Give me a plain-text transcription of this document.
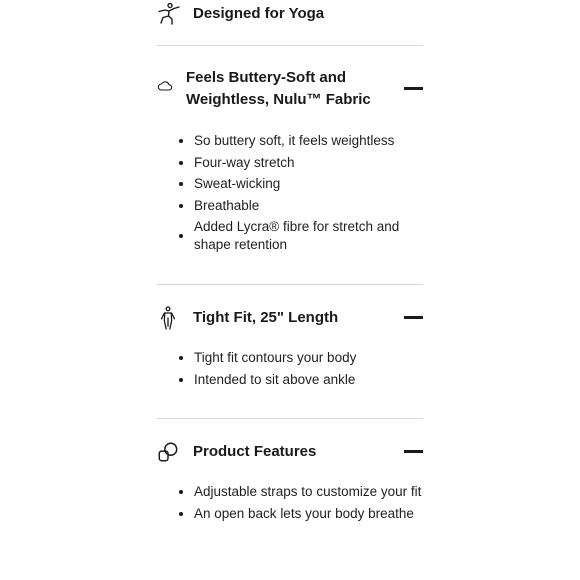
Designed for Yoga
Feels Buttery-Soft and Weightless, Nulu™ Fabric
So buttery soft, it feels weightless
Four-way stretch
Sweat-wicking
Breathable
Added Lycra® fibre for stretch and shape retention
Tight Fit, 25" Length
Tight fit contours your body
Intended to sit above ankle
Product Features
Adjustable straps to customize your fit
An open back lets your body breathe
